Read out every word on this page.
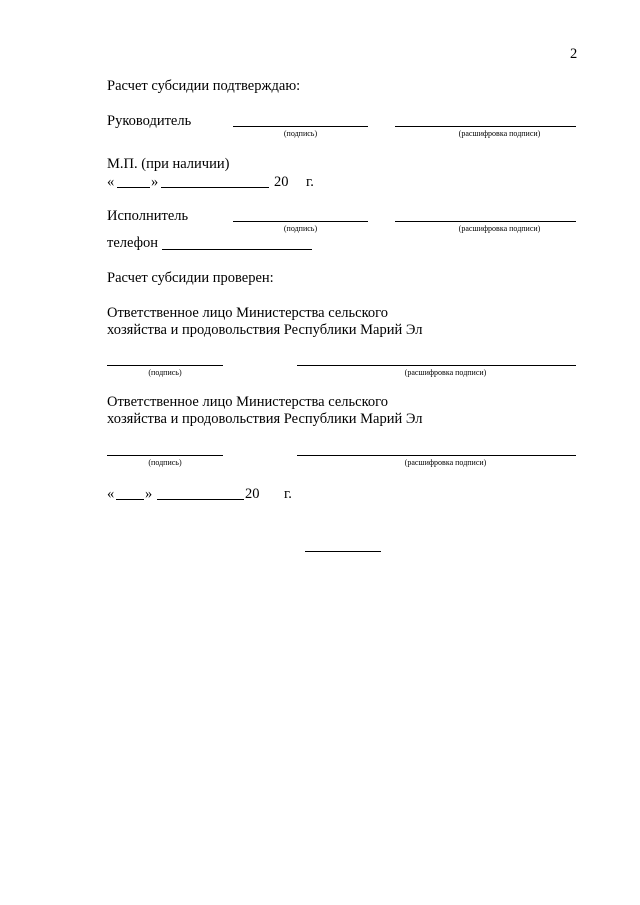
2
Расчет субсидии подтверждаю:
Руководитель
(подпись)	(расшифровка подписи)
М.П. (при наличии)
«	»	20 г.
Исполнитель
(подпись)	(расшифровка подписи)
телефон
Расчет субсидии проверен:
Ответственное лицо Министерства сельского
хозяйства и продовольствия Республики Марий Эл
(подпись)	(расшифровка подписи)
Ответственное лицо Министерства сельского
хозяйства и продовольствия Республики Марий Эл
(подпись)	(расшифровка подписи)
« »	20 г.
